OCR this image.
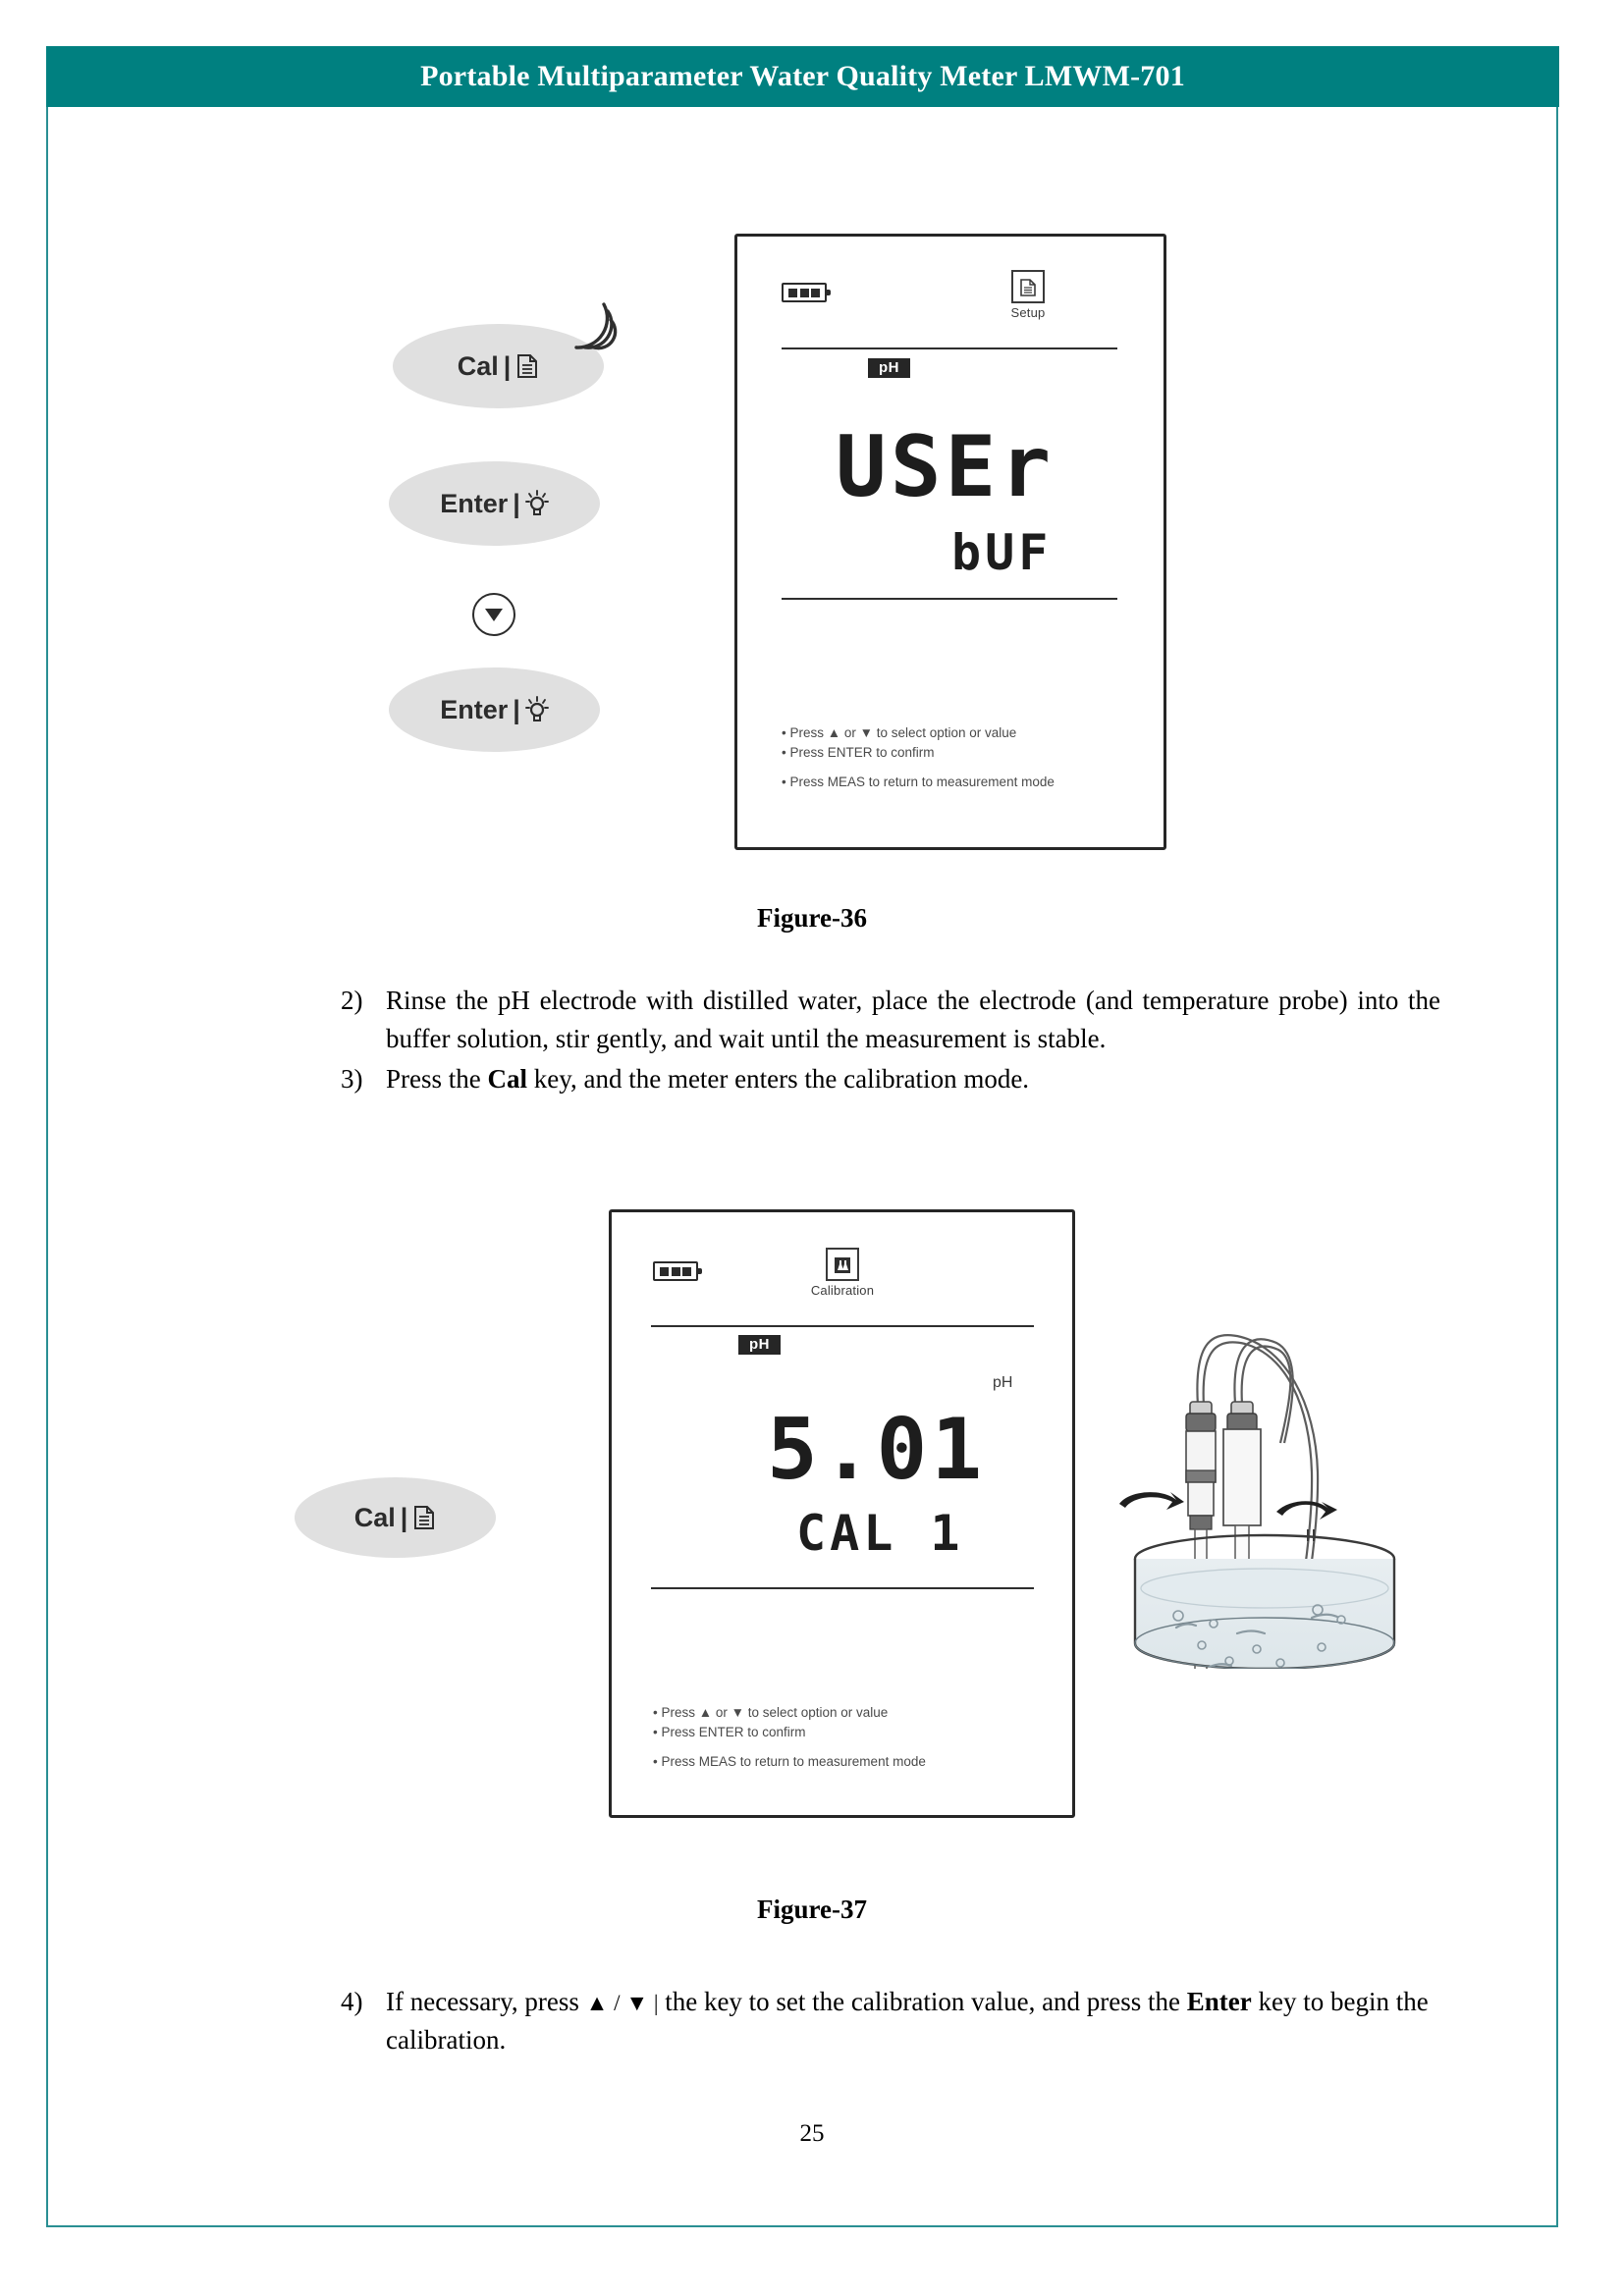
Portable Multiparameter Water Quality Meter LMWM-701
Cal |
Enter |
Enter |
Setup
pH
USEr
bUF
• Press ▲ or ▼ to select option or value
• Press ENTER to confirm
• Press MEAS to return to measurement mode
Figure-36
2) Rinse the pH electrode with distilled water, place the electrode (and temperature probe) into the buffer solution, stir gently, and wait until the measurement is stable.
3) Press the Cal key, and the meter enters the calibration mode.
Cal |
Calibration
pH
pH
5.01
CAL 1
• Press ▲ or ▼ to select option or value
• Press ENTER to confirm
• Press MEAS to return to measurement mode
Figure-37
4) If necessary, press ▲ / ▼ | the key to set the calibration value, and press the Enter key to begin the calibration.
25
